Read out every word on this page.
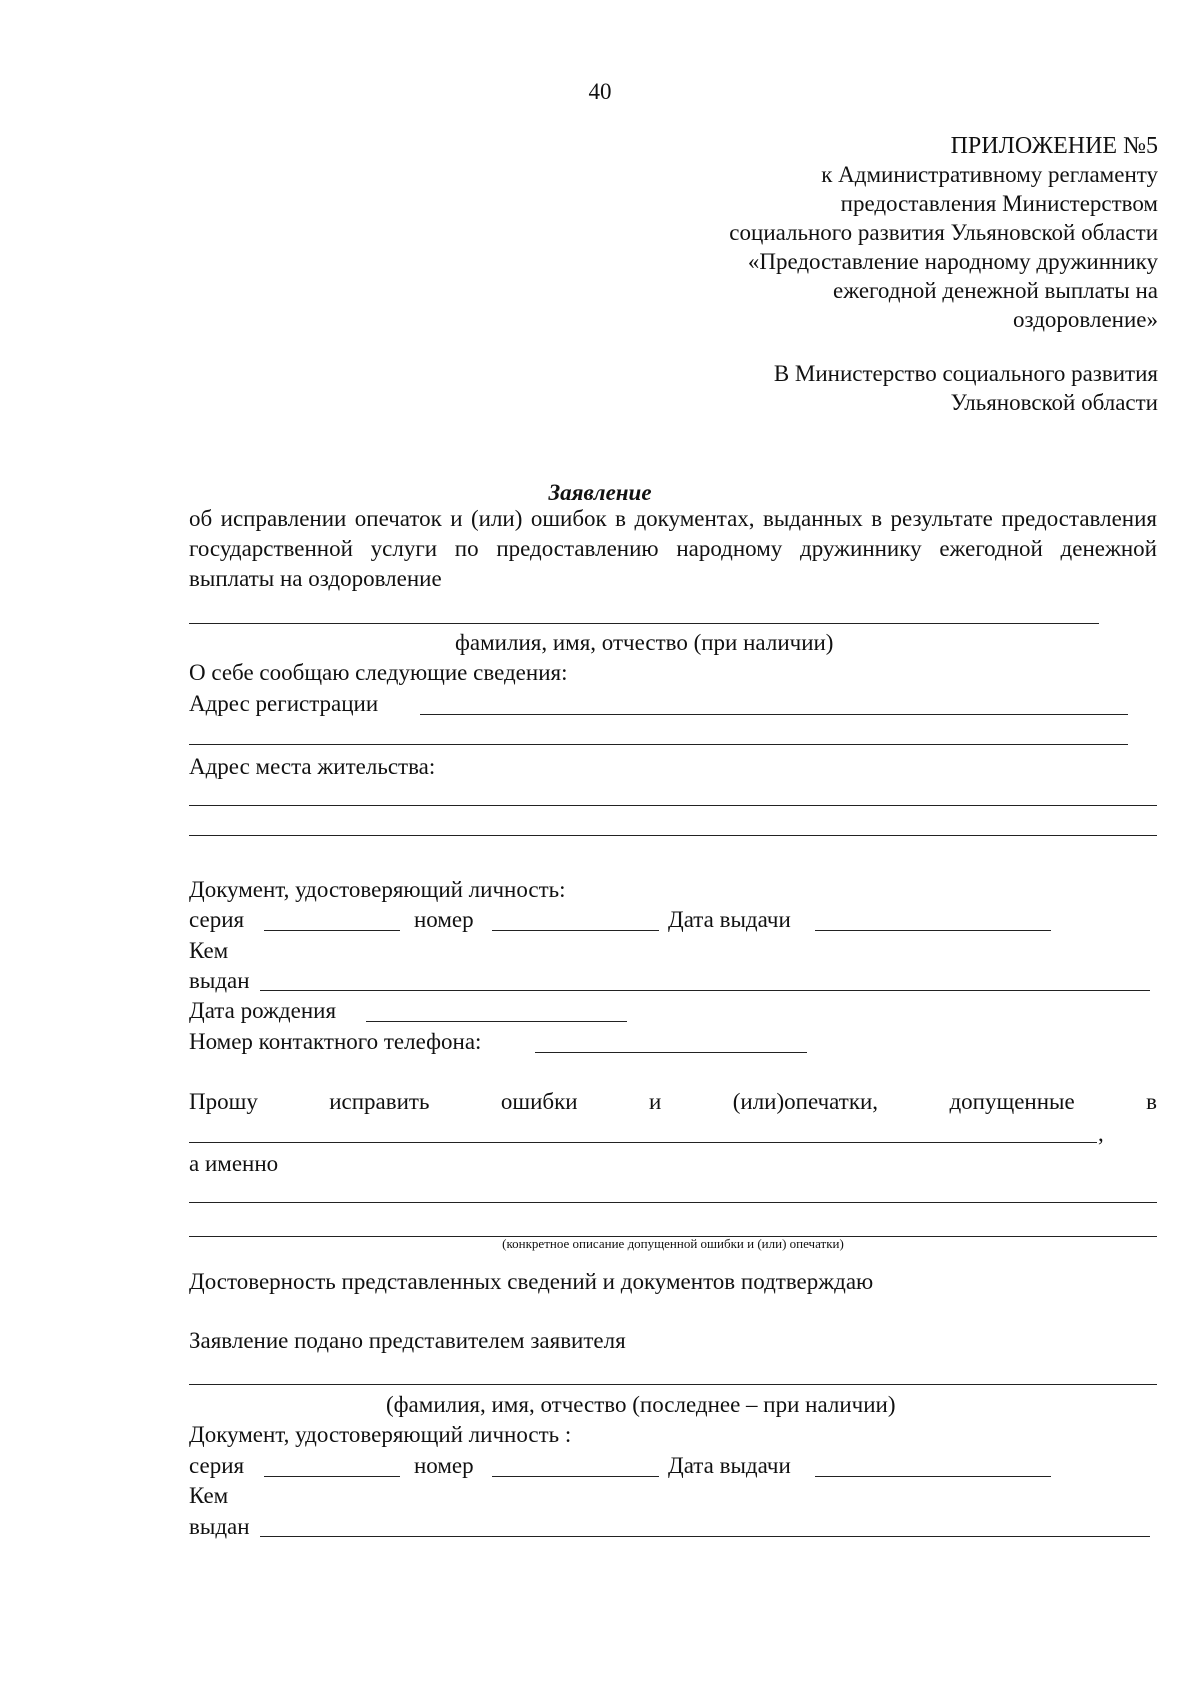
40
ПРИЛОЖЕНИЕ №5
к Административному регламенту
предоставления Министерством
социального развития Ульяновской области
«Предоставление народному дружиннику
ежегодной денежной выплаты на
оздоровление»
В Министерство социального развития
Ульяновской области
Заявление
об исправлении опечаток и (или) ошибок в документах, выданных в результате предоставления государственной услуги по предоставлению народному дружиннику ежегодной денежной выплаты на оздоровление
фамилия, имя, отчество (при наличии)
О себе сообщаю следующие сведения:
Адрес регистрации
Адрес места жительства:
Документ, удостоверяющий личность:
серия	номер	Дата выдачи
Кем
выдан
Дата рождения
Номер контактного телефона:
Прошу	исправить	ошибки	и	(или)опечатки,	допущенные	в
,
а именно
(конкретное описание допущенной ошибки и (или) опечатки)
Достоверность представленных сведений и документов подтверждаю
Заявление подано представителем заявителя
(фамилия, имя, отчество (последнее – при наличии)
Документ, удостоверяющий личность :
серия	номер	Дата выдачи
Кем
выдан
